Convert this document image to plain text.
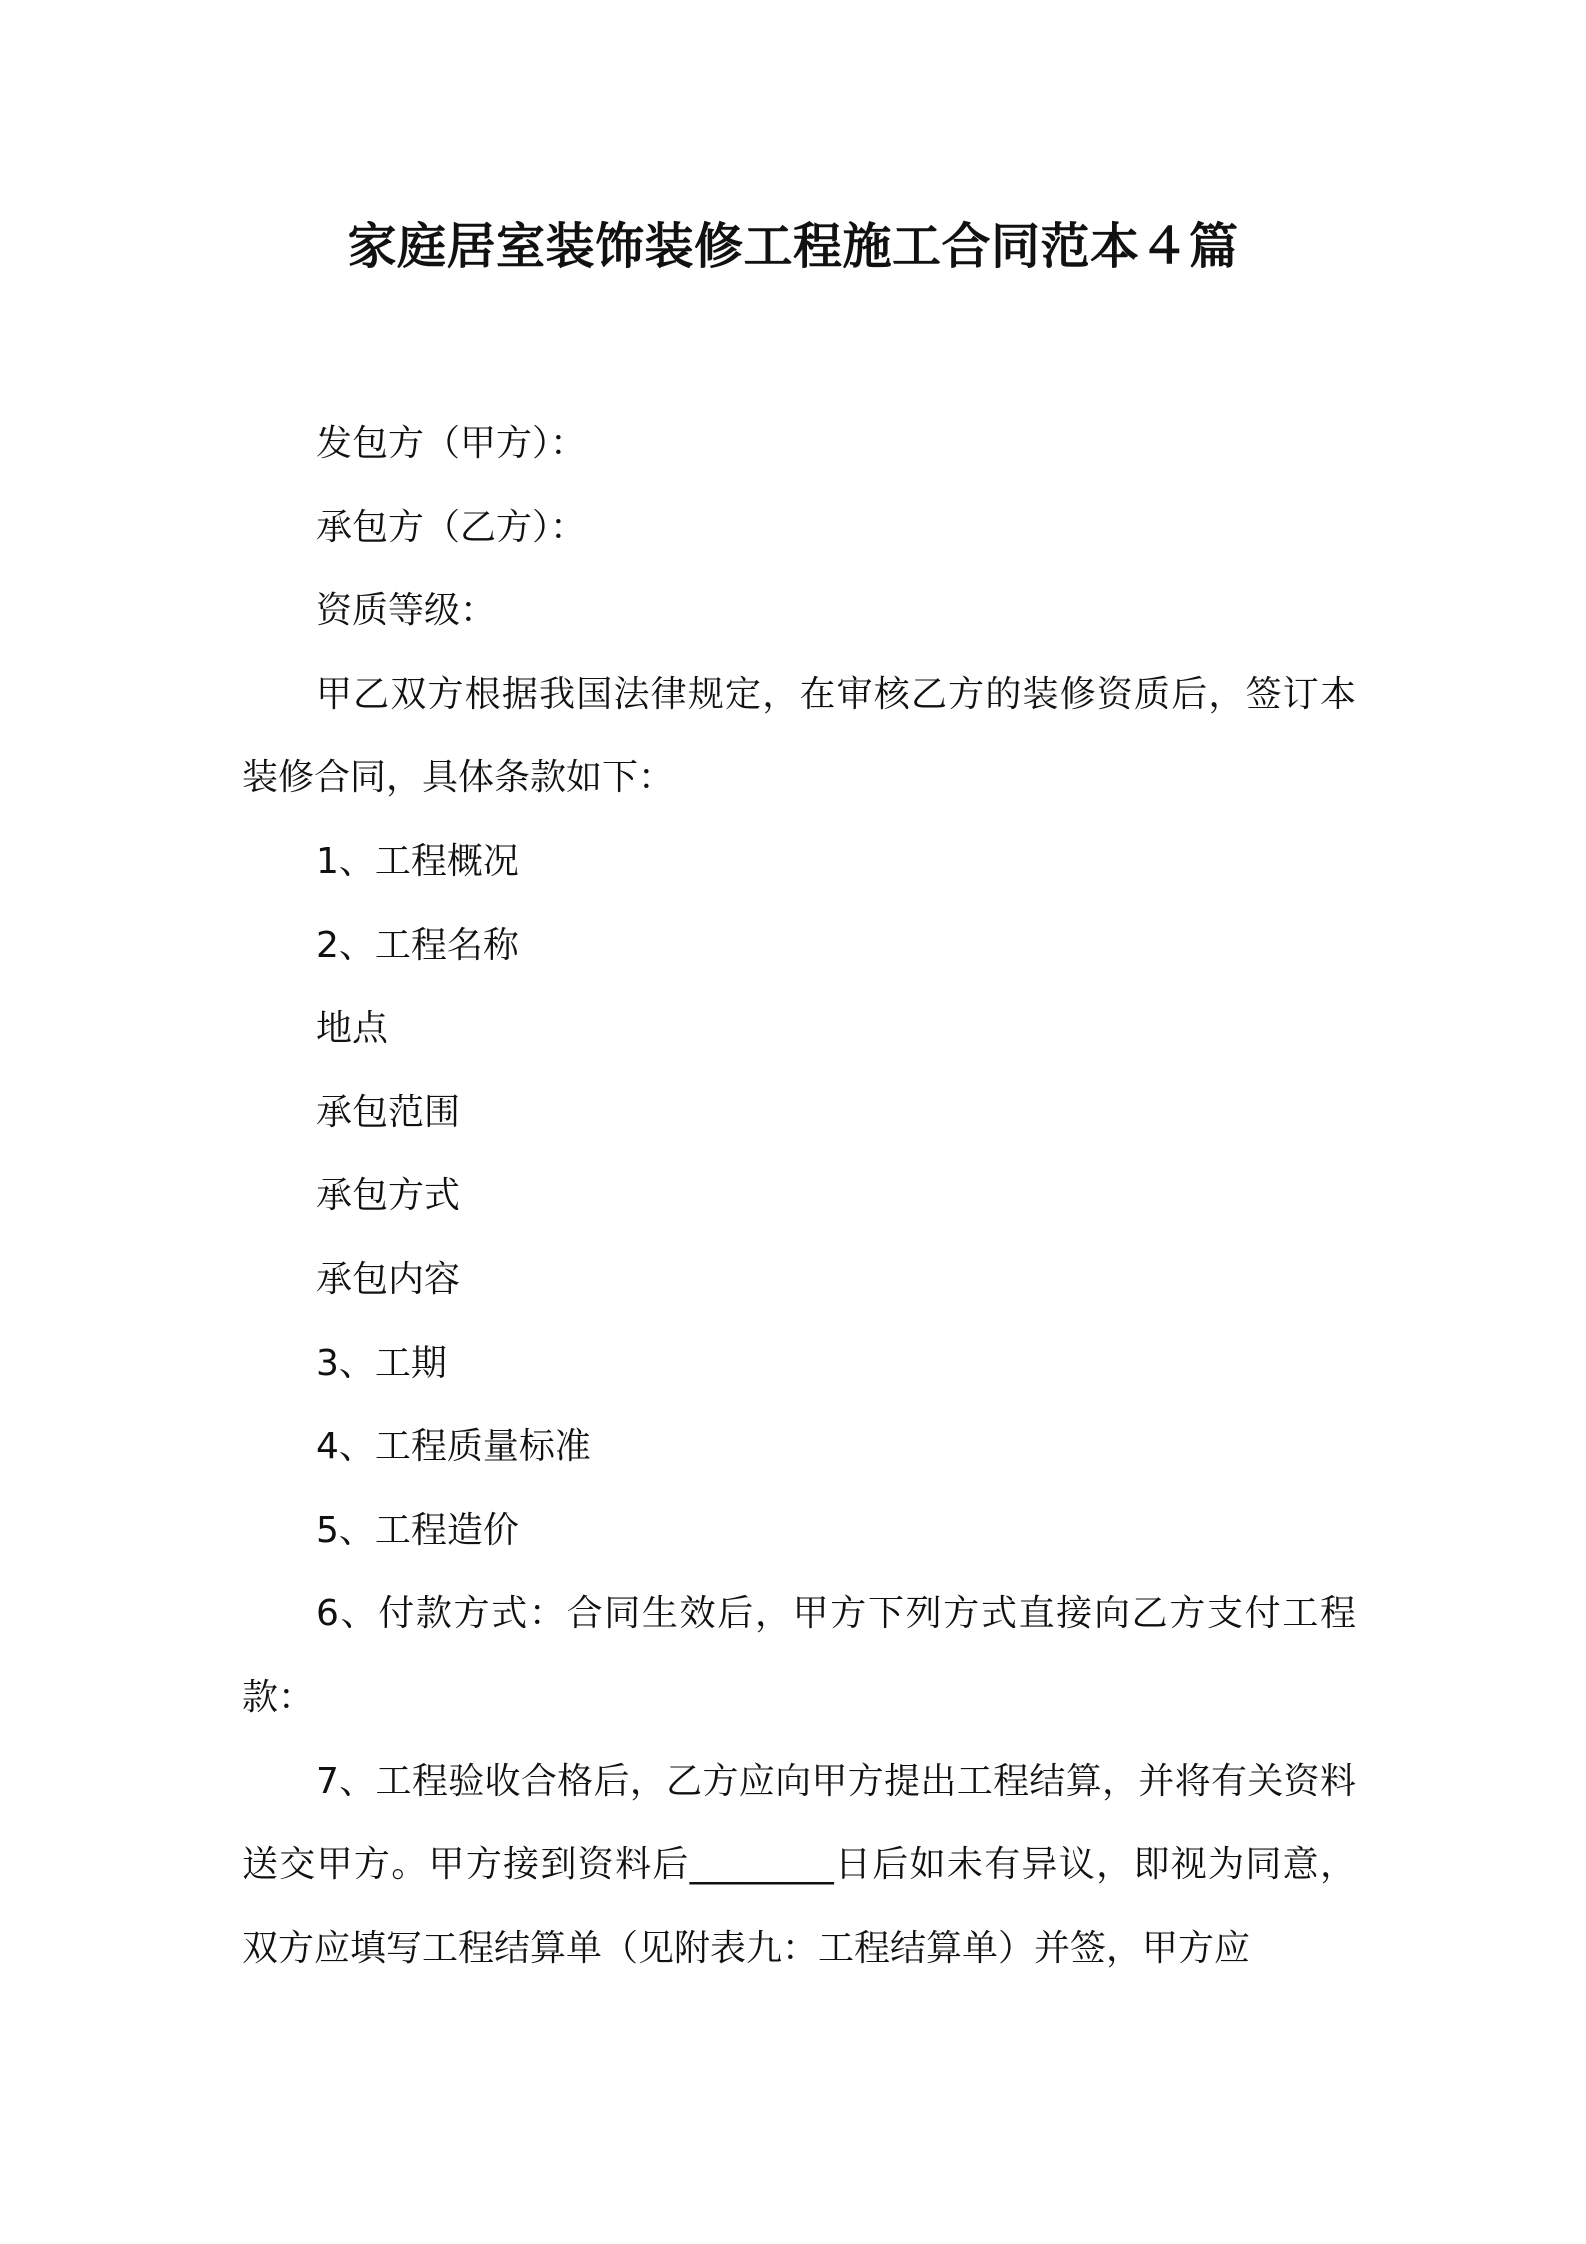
家庭居室装饰装修工程施工合同范本４篇

发包方（甲方）：

承包方（乙方）：

资质等级：

甲乙双方根据我国法律规定，在审核乙方的装修资质后，签订本装修合同，具体条款如下：

1、工程概况

2、工程名称

地点

承包范围

承包方式

承包内容

3、工期

4、工程质量标准

5、工程造价

6、付款方式：合同生效后，甲方下列方式直接向乙方支付工程款：

7、工程验收合格后，乙方应向甲方提出工程结算，并将有关资料送交甲方。甲方接到资料后________日后如未有异议，即视为同意，双方应填写工程结算单（见附表九：工程结算单）并签，甲方应
